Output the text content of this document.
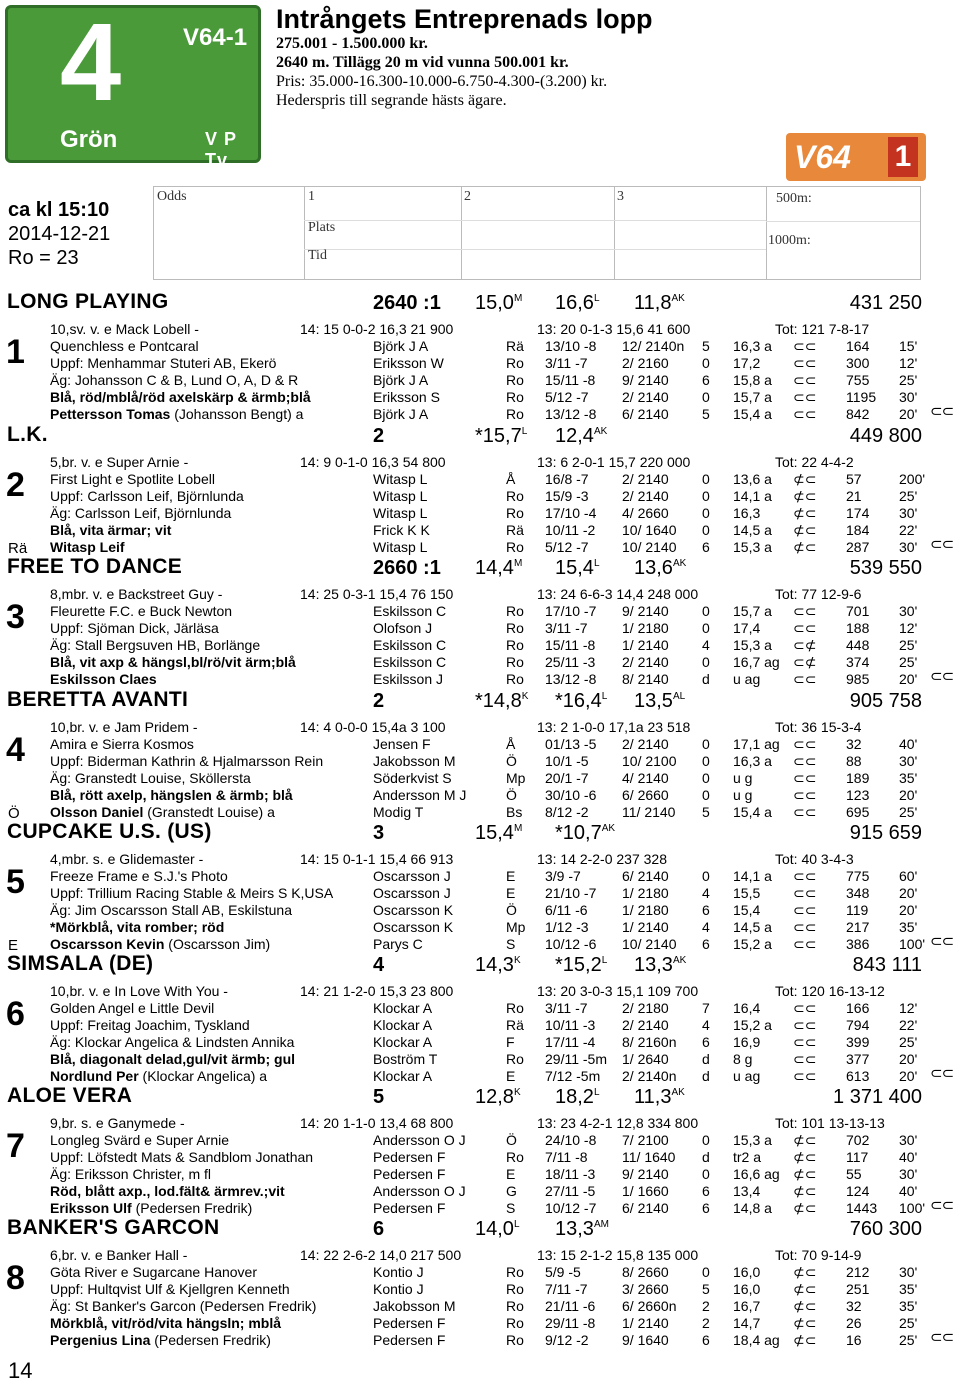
4
Grön
V64-1
V P Tv
Intrångets Entreprenads lopp
275.001 - 1.500.000 kr.
2640 m. Tillägg 20 m vid vunna 500.001 kr.
Pris: 35.000-16.300-10.000-6.750-4.300-(3.200) kr.
Hederspris till segrande hästs ägare.
V64 1
ca kl 15:10
2014-12-21
Ro = 23
Odds	1	2	3
Plats
Tid
500m:
1000m:
LONG PLAYING	2640 :1 $15,0^M$ $16,6^L$ $11,8^{AK}$	431 250
10,sv. v. e Mack Lobell -	14: 15 0-0-2 16,3 21 900	13: 20 0-1-3 15,6 41 600	Tot: 121 7-8-17
Quenchless e Pontcaral	Björk J A	Rä 13/10 -8 12/ 2140n 5 16,3 a ⊂⊂ 164 15'
Uppf: Menhammar Stuteri AB, Ekerö	Eriksson W	Ro 3/11 -7 2/ 2160 0 17,2 ⊂⊂ 300 12'
Äg: Johansson C & B, Lund O, A, D & R	Björk J A	Ro 15/11 -8 9/ 2140 6 15,8 a ⊂⊂ 755 25'
Blå, röd/mblå/röd axelskärp & ärmb;blå	Eriksson S	Ro 5/12 -7 2/ 2140 0 15,7 a ⊂⊂ 1195 30'
Pettersson Tomas (Johansson Bengt) a	Björk J A	Ro 13/12 -8 6/ 2140 5 15,4 a ⊂⊂ 842 20'
1
⊂⊂
L.K.	2	$*15,7^L$ $12,4^{AK}$	449 800
5,br. v. e Super Arnie -	14: 9 0-1-0 16,3 54 800	13: 6 2-0-1 15,7 220 000	Tot: 22 4-4-2
First Light e Spotlite Lobell	Witasp L	Å 16/8 -7 2/ 2140 0 13,6 a ⊄⊂ 57	200'
Uppf: Carlsson Leif, Björnlunda	Witasp L	Ro 15/9 -3 2/ 2140 0 14,1 a ⊄⊂ 21	25'
Äg: Carlsson Leif, Björnlunda	Witasp L	Ro 17/10 -4 4/ 2660 0 16,3 ⊄⊂ 174 30'
Blå, vita ärmar; vit	Frick K K	Rä 10/11 -2 10/ 1640 0 14,5 a ⊄⊂ 184 22'
Witasp Leif	Witasp L	Ro 5/12 -7 10/ 2140 6 15,3 a ⊄⊂ 287 30'
2
Rä	⊂⊂
FREE TO DANCE	2660 :1 $14,4^M$ $15,4^L$ $13,6^{AK}$	539 550
8,mbr. v. e Backstreet Guy -	14: 25 0-3-1 15,4 76 150	13: 24 6-6-3 14,4 248 000	Tot: 77 12-9-6
Fleurette F.C. e Buck Newton	Eskilsson C	Ro 17/10 -7 9/ 2140 0 15,7 a ⊂⊂ 701 30'
Uppf: Sjöman Dick, Järläsa	Olofson J	Ro 3/11 -7 1/ 2180 0 17,4 ⊂⊂ 188 12'
Äg: Stall Bergsuven HB, Borlänge	Eskilsson C	Ro 15/11 -8 1/ 2140 4 15,3 a ⊂⊄ 448 25'
Blå, vit axp & hängsl,bl/rö/vit ärm;blå	Eskilsson C	Ro 25/11 -3 2/ 2140 0 16,7 ag ⊂⊄ 374 25'
Eskilsson Claes	Eskilsson J	Ro 13/12 -8 8/ 2140 d u ag ⊂⊂ 985 20'
3
⊂⊂
BERETTA AVANTI	2	$*14,8^K$ $*16,4^L$ $13,5^{AL}$	905 758
10,br. v. e Jam Pridem -	14: 4 0-0-0 15,4a 3 100	13: 2 1-0-0 17,1a 23 518	Tot: 36 15-3-4
Amira e Sierra Kosmos	Jensen F	Å 01/13 -5 2/ 2140 0 17,1 ag ⊂⊂ 32	40'
Uppf: Biderman Kathrin & Hjalmarsson Rein	Jakobsson M	Ö 10/1 -5 10/ 2100 0 16,3 a ⊂⊂ 88	30'
Äg: Granstedt Louise, Sköllersta	Söderkvist S	Mp 20/1 -7 4/ 2140 0 u g	⊂⊂ 189 35'
Blå, rött axelp, hängslen & ärmb; blå	Andersson M J	Ö 30/10 -6 6/ 2660 0 u g	⊂⊂ 123 20'
Olsson Daniel (Granstedt Louise) a	Modig T	Bs 8/12 -2 11/ 2140 5 15,4 a ⊂⊂ 695 25'
4
Ö
CUPCAKE U.S. (US)	3	$15,4^M$ $*10,7^{AK}$	915 659
4,mbr. s. e Glidemaster -	14: 15 0-1-1 15,4 66 913	13: 14 2-2-0 237 328	Tot: 40 3-4-3
Freeze Frame e S.J.'s Photo	Oscarsson J	E 3/9 -7	6/ 2140 0 14,1 a ⊂⊂ 775 60'
Uppf: Trillium Racing Stable & Meirs S K,USA	Oscarsson J	E 21/10 -7 1/ 2180 4 15,5 ⊂⊂ 348 20'
Äg: Jim Oscarsson Stall AB, Eskilstuna	Oscarsson K	Ö 6/11 -6 1/ 2180 6 15,4 ⊂⊂ 119 20'
*Mörkblå, vita romber; röd	Oscarsson K	Mp 1/12 -3 1/ 2140 4 14,5 a ⊂⊂ 217 35'
Oscarsson Kevin (Oscarsson Jim)	Parys C	S 10/12 -6 10/ 2140 6 15,2 a ⊂⊂ 386 100'
5
E	⊂⊂
SIMSALA (DE)	4	$14,3^K$ $*15,2^L$ $13,3^{AK}$	843 111
10,br. v. e In Love With You -	14: 21 1-2-0 15,3 23 800	13: 20 3-0-3 15,1 109 700	Tot: 120 16-13-12
Golden Angel e Little Devil	Klockar A	Ro 3/11 -7 2/ 2180 7 16,4 ⊂⊂ 166 12'
Uppf: Freitag Joachim, Tyskland	Klockar A	Rä 10/11 -3 2/ 2140 4 15,2 a ⊂⊂ 794 22'
Äg: Klockar Angelica & Lindsten Annika	Klockar A	F 17/11 -4 8/ 2160n 6 16,9 ⊂⊂ 399 25'
Blå, diagonalt delad,gul/vit ärmb; gul	Boström T	Ro 29/11 -5m 1/ 2640 d 8 g	⊂⊂ 377 20'
Nordlund Per (Klockar Angelica) a	Klockar A	E 7/12 -5m 2/ 2140n d u ag ⊂⊂ 613 20'
6
⊂⊂
ALOE VERA	5	$12,8^K$ $18,2^L$ $11,3^{AK}$	1 371 400
9,br. s. e Ganymede -	14: 20 1-1-0 13,4 68 800	13: 23 4-2-1 12,8 334 800	Tot: 101 13-13-13
Longleg Svärd e Super Arnie	Andersson O J	Ö 24/10 -8 7/ 2100 0 15,3 a ⊄⊂ 702 30'
Uppf: Löfstedt Mats & Sandblom Jonathan	Pedersen F	Ro 7/11 -8 11/ 1640 d tr2 a ⊄⊂ 117 40'
Äg: Eriksson Christer, m fl	Pedersen F	E 18/11 -3 9/ 2140 0 16,6 ag ⊄⊂ 55	30'
Röd, blått axp., lod.fält& ärmrev.;vit	Andersson O J	G 27/11 -5 1/ 1660 6 13,4 ⊄⊂ 124 40'
Eriksson Ulf (Pedersen Fredrik)	Pedersen F	S 10/12 -7 6/ 2140 6 14,8 a ⊄⊂ 1443 100'
7
⊂⊂
BANKER'S GARCON	6	$14,0^L$ $13,3^{AM}$	760 300
6,br. v. e Banker Hall -	14: 22 2-6-2 14,0 217 500	13: 15 2-1-2 15,8 135 000	Tot: 70 9-14-9
Göta River e Sugarcane Hanover	Kontio J	Ro 5/9 -5	8/ 2660 0 16,0 ⊄⊂ 212 30'
Uppf: Hultqvist Ulf & Kjellgren Kenneth	Kontio J	Ro 7/11 -7 3/ 2660 5 16,0 ⊄⊂ 251 35'
Äg: St Banker's Garcon (Pedersen Fredrik)	Jakobsson M	Ro 21/11 -6 6/ 2660n 2 16,7 ⊄⊂ 32	35'
Mörkblå, vit/röd/vita hängsln; mblå	Pedersen F	Ro 29/11 -8 1/ 2140 2 14,7 ⊄⊂ 26	25'
Pergenius Lina (Pedersen Fredrik)	Pedersen F	Ro 9/12 -2 9/ 1640 6 18,4 ag ⊄⊂ 16	25'
8
⊂⊂
14
